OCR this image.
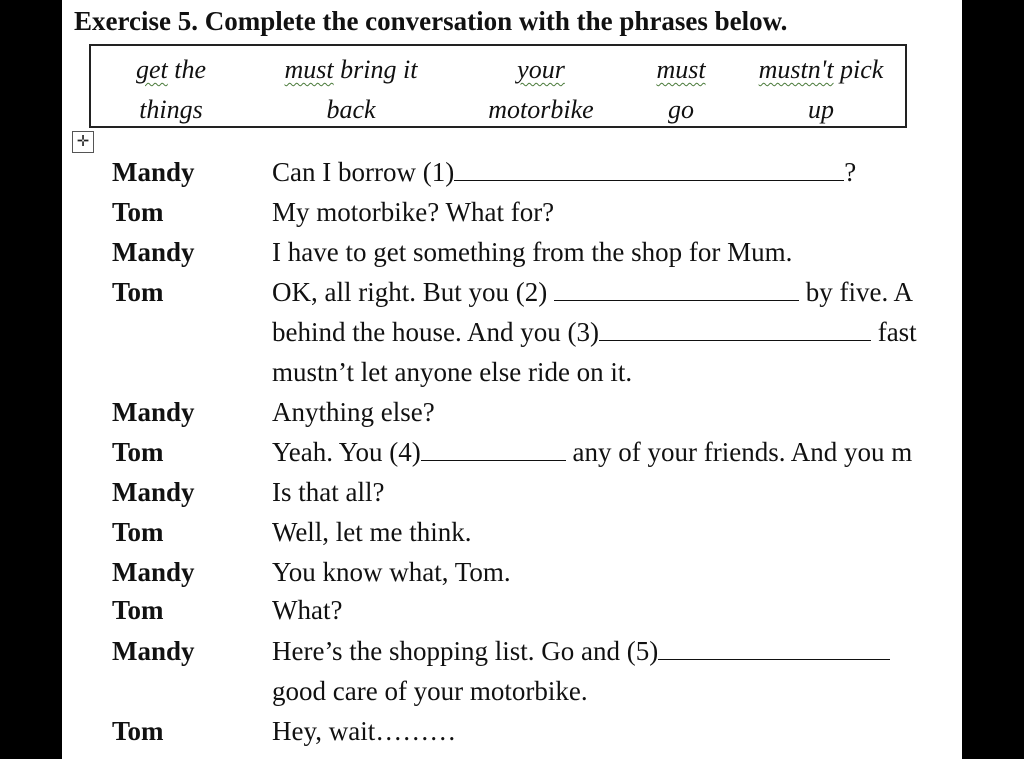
Exercise 5. Complete the conversation with the phrases below.
get the
things
must bring it
back
your
motorbike
must
go
mustn't pick
up
✛
Mandy	Can I borrow (1)	?
Tom	My motorbike? What for?
Mandy	I have to get something from the shop for Mum.
Tom	OK, all right. But you (2)	by five. A
behind the house. And you (3)	fast
mustn’t let anyone else ride on it.
Mandy	Anything else?
Tom	Yeah. You (4)	any of your friends. And you m
Mandy	Is that all?
Tom	Well, let me think.
Mandy	You know what, Tom.
Tom	What?
Mandy	Here’s the shopping list. Go and (5)
good care of your motorbike.
Tom	Hey, wait………
